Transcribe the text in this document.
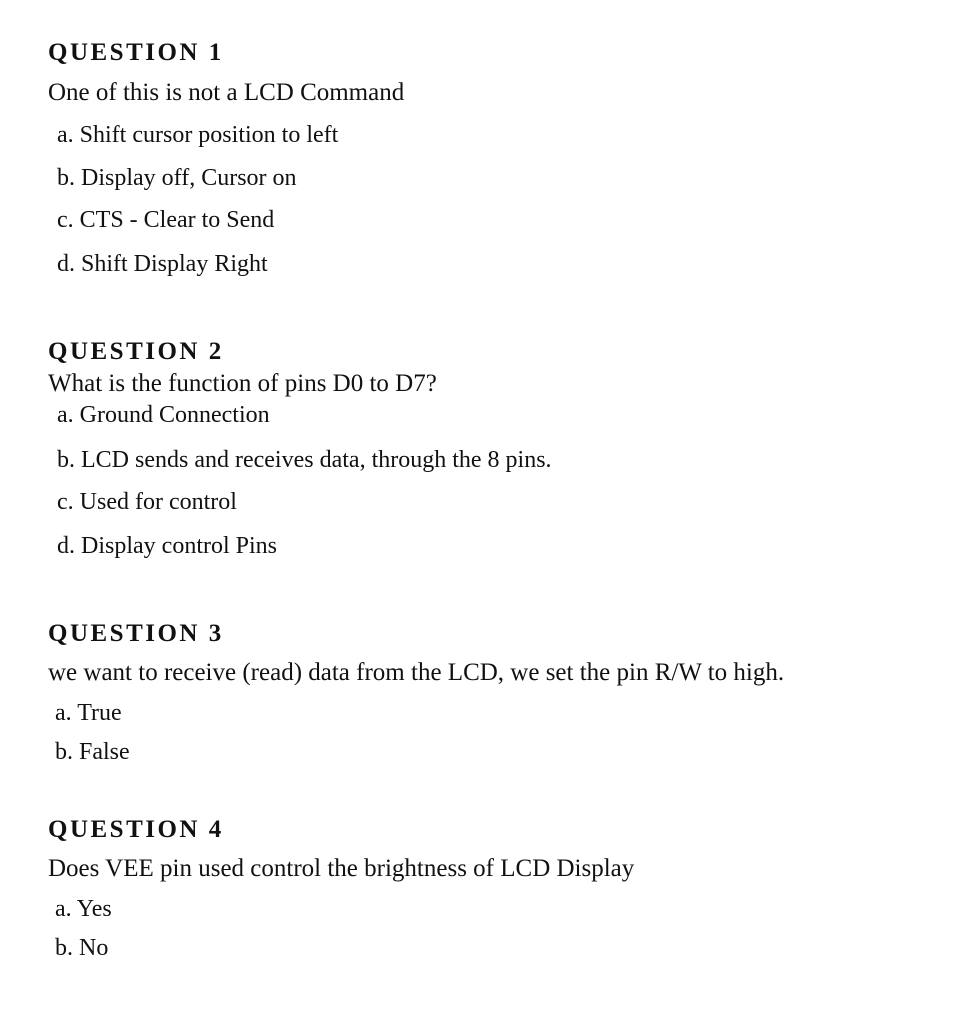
QUESTION 1

One of this is not a LCD Command

a. Shift cursor position to left

b. Display off, Cursor on

c. CTS - Clear to Send

d. Shift Display Right

QUESTION 2

What is the function of pins D0 to D7?

a. Ground Connection

b. LCD sends and receives data, through the 8 pins.

c. Used for control

d. Display control Pins

QUESTION 3

we want to receive (read) data from the LCD, we set the pin R/W to high.

a. True

b. False

QUESTION 4

Does VEE pin used control the brightness of LCD Display

a. Yes

b. No
